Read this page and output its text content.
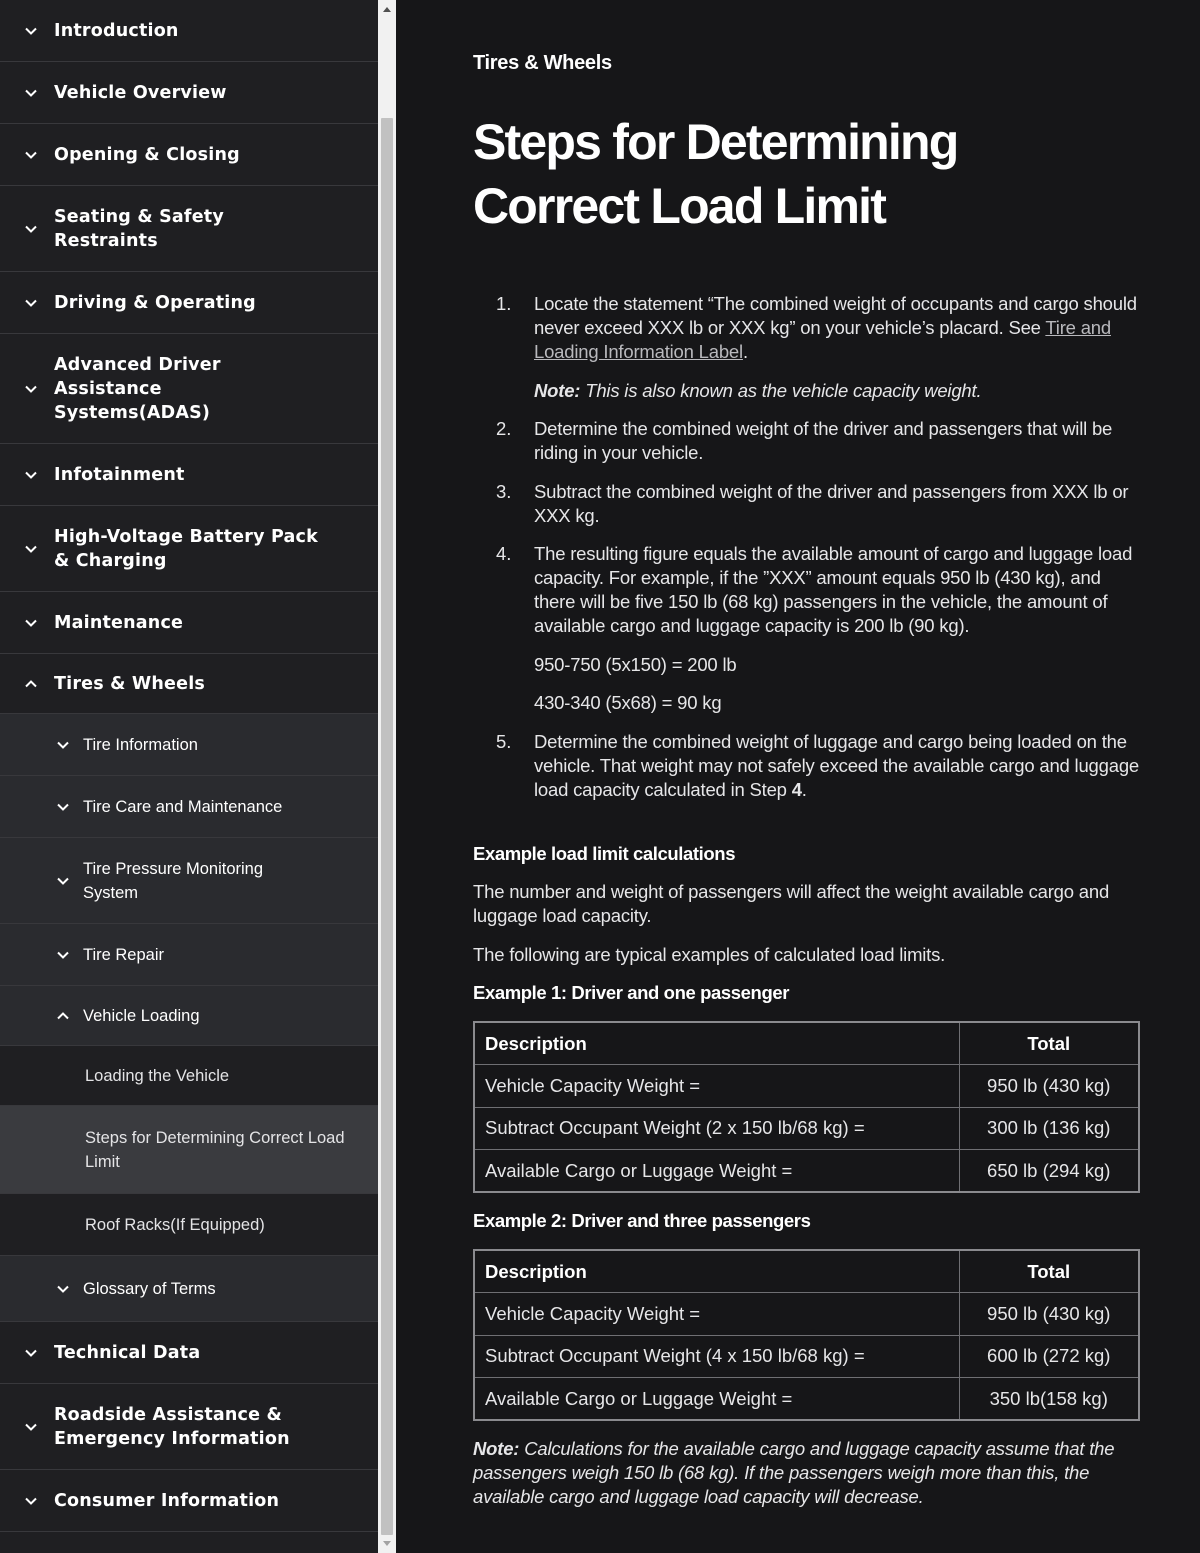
Introduction
Vehicle Overview
Opening & Closing
Seating & Safety Restraints
Driving & Operating
Advanced Driver Assistance Systems(ADAS)
Infotainment
High-Voltage Battery Pack & Charging
Maintenance
Tires & Wheels
Tire Information
Tire Care and Maintenance
Tire Pressure Monitoring System
Tire Repair
Vehicle Loading
Loading the Vehicle
Steps for Determining Correct Load Limit
Roof Racks(If Equipped)
Glossary of Terms
Technical Data
Roadside Assistance & Emergency Information
Consumer Information
Tires & Wheels
Steps for Determining Correct Load Limit
1. Locate the statement “The combined weight of occupants and cargo should never exceed XXX lb or XXX kg” on your vehicle’s placard. See Tire and Loading Information Label.

Note: This is also known as the vehicle capacity weight.

2. Determine the combined weight of the driver and passengers that will be riding in your vehicle.

3. Subtract the combined weight of the driver and passengers from XXX lb or XXX kg.

4. The resulting figure equals the available amount of cargo and luggage load capacity. For example, if the ”XXX” amount equals 950 lb (430 kg), and there will be five 150 lb (68 kg) passengers in the vehicle, the amount of available cargo and luggage capacity is 200 lb (90 kg).

950-750 (5x150) = 200 lb

430-340 (5x68) = 90 kg

5. Determine the combined weight of luggage and cargo being loaded on the vehicle. That weight may not safely exceed the available cargo and luggage load capacity calculated in Step 4.

Example load limit calculations

The number and weight of passengers will affect the weight available cargo and luggage load capacity.

The following are typical examples of calculated load limits.

Example 1: Driver and one passenger
Description	Total
Vehicle Capacity Weight =	950 lb (430 kg)
Subtract Occupant Weight (2 x 150 lb/68 kg) =	300 lb (136 kg)
Available Cargo or Luggage Weight =	650 lb (294 kg)
Example 2: Driver and three passengers
Description	Total
Vehicle Capacity Weight =	950 lb (430 kg)
Subtract Occupant Weight (4 x 150 lb/68 kg) =	600 lb (272 kg)
Available Cargo or Luggage Weight =	350 lb(158 kg)

Note: Calculations for the available cargo and luggage capacity assume that the passengers weigh 150 lb (68 kg). If the passengers weigh more than this, the available cargo and luggage load capacity will decrease.
